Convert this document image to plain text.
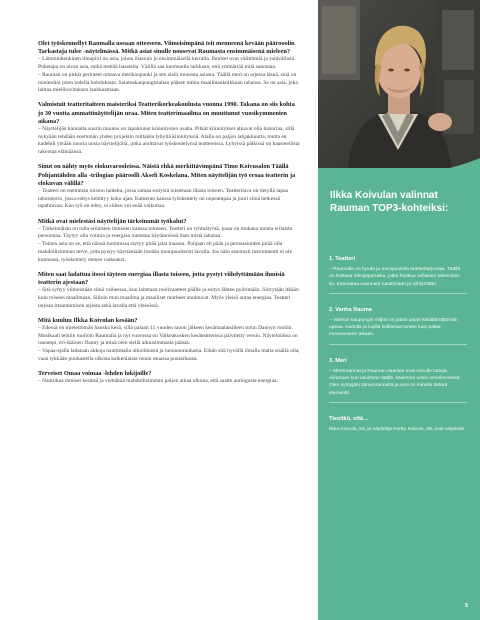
Olet työskennellyt Raumalla useaan otteeseen. Viimeisimpänä teit menneenä kevään päärooolin Tarkastaja tulee -näytelmässä. Mitkä asiat sinulle nousevat Raumasta ensimmäisenä mieleen?

– Lämminhenkinen ilmapiiri on asia, johon ihastuin jo ensimmäisellä kerralla. Ihmiset ovat välittömiä ja ystävällisiä. Puhetapa on aivan asia, mikä teettää haasteita. Välillä saa huomnella tarkkaan, että ymmärtää mitä sanotaan.

– Rauman on pitkät perinteet omaava merikaupunki ja sen aistii monesta asiasta. Täällä meri on arjessa läsnä, sinä on mielestäni joten todella hohdokasta. Satamakaupungistahan pääsee mihin maailmankolkkaan tahansa. Se on asia, joka laittaa mielikuvituksen laukkaamaan.

Valmistuit teatteritaiteen maisteriksi Teatterikorkeakoulusta vuonna 1990. Takana on siis kohta jo 30 vuotta ammattinäyttelijän uraa. Miten teatterimaailma on muuttunut vuosikymmenien aikana?

– Näyttelijän kannalta suurin muutos on tapahtunut kiinnitysten osalta. Pitkät kiinnitykset alkavat olla historiaa, sillä nykyään tehdään enemmän yhden projektin mittaisia lyhyitä kiinnityksiä. Alalla on paljon lahjakkuutta, mutta en kadehdi yhtään nuoria uusia näyttelijöitä, jotka aloittavat työskentelynsä teattereissa. Lyhyissä pätkissä on haasteellista rakentaa elämäänsä.

Sinut on nähty myös elokuvarooleissa. Näistä ehkä merkittävimpänä Timo Koivusalon Täällä Pohjantähden alla -trilogian pääroolli Akseli Koskelana. Miten näyttelijän työ eroaa teatterin ja elokuvan välillä?

– Teatteri on enemmän toiston taidetta, jossa samaa esitystä toistetaan illasta toiseen. Teatterilava on tietyllä tapaa laboratorio, jossa esitys kehittyy koko ajan. Kameran kanssa työskentely on nopeampaa ja juuri siinä hetkessä tapahtuvaa. Kun työ on tehty, ei siihen voi enää vaikuttaa.

Mitkä ovat mielestäsi näyttelijän tärkeimmät työkalut?

– Tärkeintähän on tulla erilaisten ihmisten kanssa toimeen. Teatteri on ryhmätyötä, jossa on mukana monta erilaista persoonaa. Täytyy olla voimia ja energiaa innostua käytännössä ihan mistä tahansa.

– Toinen asia on se, että näissä hommissa täytyy pitää jalat maassa. Pohjaan eli pään ja perusasioiden pitää olla mahdollisimman terve, jotta pystyy käyttämään itseään monipuolisesti lavalla. Jos näin sanotusti instrumentti ei ole kunnossa, työskentely menee vaikeaksi.

Miten saat ladattua itsesi täyteen energiaa illasta toiseen, jotta pystyt viihdyttämään ihmisiä teatterin ajestaan?

– Sitä syttyy viimeistään siinä vaiheessa, kun laitetaan roolivaatteet päälle ja esitys lähtee pyörimään. Siirrytään itkään kuin toiseen maailmaan. Silloin muu maailma ja maailiset murheet unohtuvat. Myös yleisö antaa energiaa. Teatteri tarjoaa irtaantumisen arjesta sekä lavalla että yleisössä.

Mitä kuuluu Ilkka Koivulan kesään?

– Edessä on mielettömän hauska kesä, sillä palaan 15 vuoden tauon jälkeen kesämaalaisilleen tutun Dannyn rooliin. Musikaali tehtiin tuolloin Raumalla ja nyt vuorossa on Valkeakosken kesäteatterissa päivitetty versio. Näytelmässä on useampi, eri-ikäinen Danny ja minä olen siellä aikuisimmasta päästä.

– Vapaa-ajalla ladataan akkuja nauttimalla ulkoilmasta ja luonnonrauhasta. Eihän sitä hyvällä ilmalla malta sisällä olla, vaan tykkään puuhastella ulkona kaikenlaista muun muassa puutarhassa.

Terveiset Omaa voimaa -lehden lukijoille?

– Nauttikaa ihmiset kesästä ja viettäkää mahdollisimman paljon aikaa ulkona, että saatte auringosta energiaa.

Ilkka Koivulan valinnat Rauman TOP3-kohteiksi:

1. Teatteri

– Raumalla on hyvää ja monipuolista teatteritarjontaa. Täällä on loistava teknijäporukka, jotka huokuu sellaisen tekemisen ilo. Kannattaa suunnata nauttimaan ja viihtymään.

2. Vanha Rauma

– Vanhan kaupungin miljöö on jotain aivan käsittämättömän upeaa. Kadulla ja kujilla kulkiessa tuntee kuin palaa menneeseen aikaan.

3. Meri

– Merenrannat ja Rauman saaristo ovat minulle tuttuja. Aikanaan kun asuimme täällä, kävimme usein veneilemässä. Olen syntyjäni Järvenrannalta ja vesi on minulle tärkeä elementti.

Tiesitkö, että…

Ilkka Koivula, 53, ja näyttelijä Perttu Koivula, 58, ovat veljeksiä.

5
